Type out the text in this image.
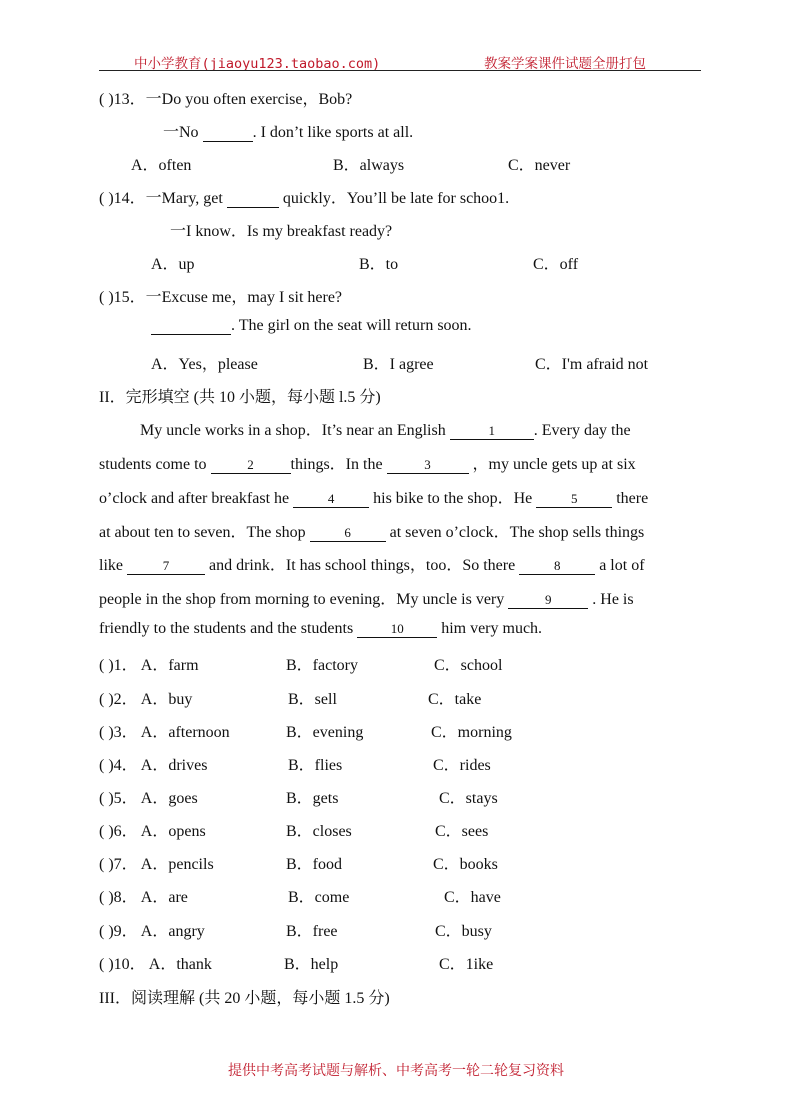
中小学教育(jiaoyu123.taobao.com)	教案学案课件试题全册打包
( )13．一Do you often exercise，Bob?
一No	. I don’t like sports at all.
A．often	B．always	C．never
( )14．一Mary, get	quickly．You’ll be late for schoo1.
一I know．Is my breakfast ready?
A．up	B．to	C．off
( )15．一Excuse me，may I sit here?
. The girl on the seat will return soon.
A．Yes，please	B．I agree	C．I'm afraid not
II．完形填空 (共 10 小题，每小题 l.5 分)
My uncle works in a shop．It’s near an English	1 . Every day the
students come to	2 things．In the	3	，my uncle gets up at six
o’clock and after breakfast he	4 his bike to the shop．He	5 there
at about ten to seven．The shop	6 at seven o’clock．The shop sells things
like	7 and drink．It has school things，too．So there	8 a lot of
people in the shop from morning to evening．My uncle is very	9	. He is
friendly to the students and the students	10 him very much.
( )1． A．farm	B．factory	C．school
( )2． A．buy	B．sell	C．take
( )3． A．afternoon	B．evening	C．morning
( )4． A．drives	B．flies	C．rides
( )5． A．goes	B．gets	C．stays
( )6． A．opens	B．closes	C．sees
( )7． A．pencils	B．food	C．books
( )8． A．are	B．come	C．have
( )9． A．angry	B．free	C．busy
( )10． A．thank	B．help	C．1ike
III．阅读理解 (共 20 小题，每小题 1.5 分)
提供中考高考试题与解析、中考高考一轮二轮复习资料
